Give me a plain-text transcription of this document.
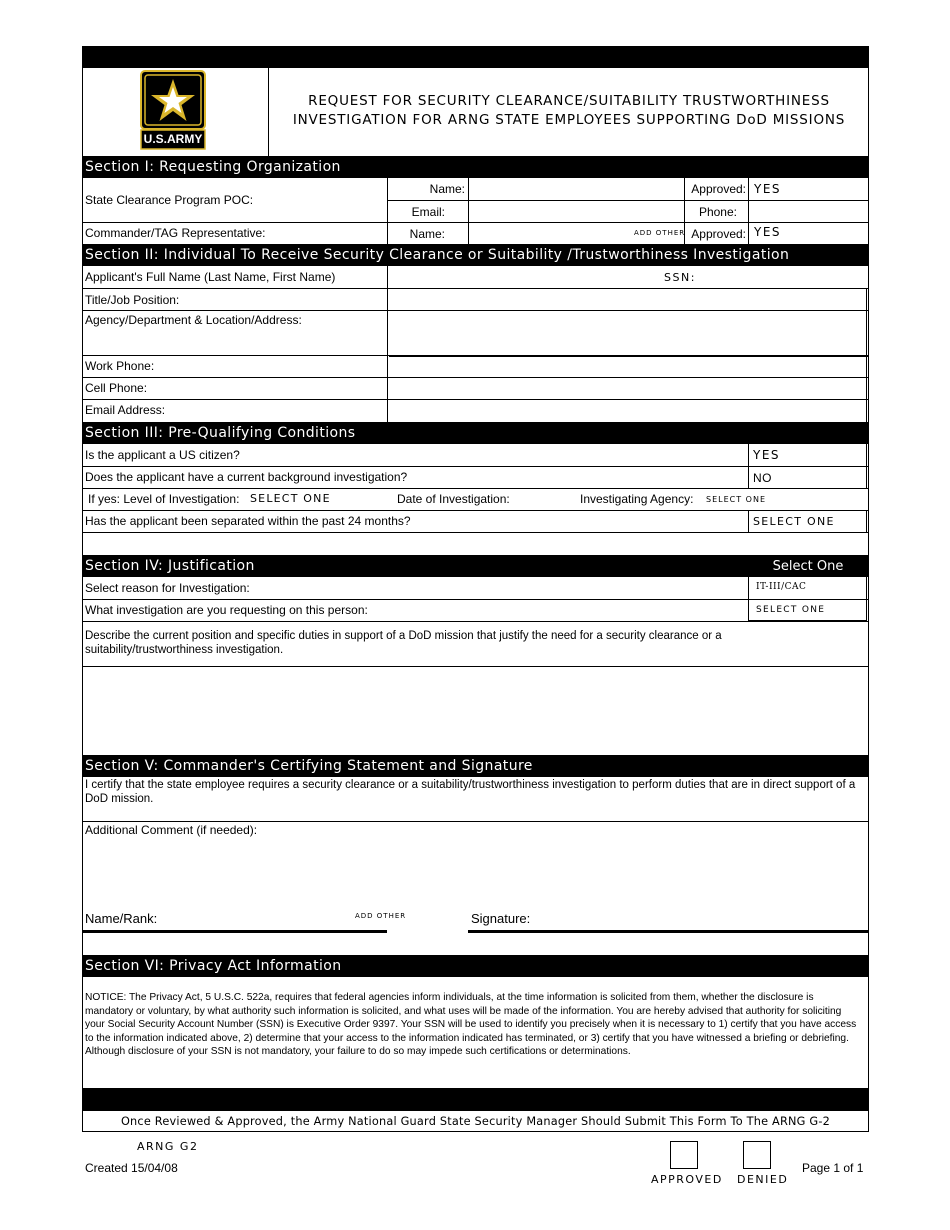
U.S.ARMY
REQUEST FOR SECURITY CLEARANCE/SUITABILITY TRUSTWORTHINESS
INVESTIGATION FOR ARNG STATE EMPLOYEES SUPPORTING DoD MISSIONS
Section I: Requesting Organization
State Clearance Program POC:
Name:	Approved: YES
Email:	Phone:
Commander/TAG Representative:	Name:	ADD OTHER Approved: YES
Section II: Individual To Receive Security Clearance or Suitability /Trustworthiness Investigation
Applicant's Full Name (Last Name, First Name)	SSN:
Title/Job Position:
Agency/Department & Location/Address:
Work Phone:
Cell Phone:
Email Address:
Section III: Pre-Qualifying Conditions
Is the applicant a US citizen?	YES
Does the applicant have a current background investigation?	NO
If yes: Level of Investigation: SELECT ONE	Date of Investigation:	Investigating Agency: SELECT ONE
Has the applicant been separated within the past 24 months?	SELECT ONE
Section IV: Justification	Select One
Select reason for Investigation:	IT-III/CAC
What investigation are you requesting on this person:	SELECT ONE
Describe the current position and specific duties in support of a DoD mission that justify the need for a security clearance or a suitability/trustworthiness investigation.
Section V: Commander's Certifying Statement and Signature
I certify that the state employee requires a security clearance or a suitability/trustworthiness investigation to perform duties that are in direct support of a DoD mission.
Additional Comment (if needed):
Name/Rank:	ADD OTHER	Signature:
Section VI: Privacy Act Information
NOTICE: The Privacy Act, 5 U.S.C. 522a, requires that federal agencies inform individuals, at the time information is solicited from them, whether the disclosure is mandatory or voluntary, by what authority such information is solicited, and what uses will be made of the information. You are hereby advised that authority for soliciting your Social Security Account Number (SSN) is Executive Order 9397. Your SSN will be used to identify you precisely when it is necessary to 1) certify that you have access to the information indicated above, 2) determine that your access to the information indicated has terminated, or 3) certify that you have witnessed a briefing or debriefing. Although disclosure of your SSN is not mandatory, your failure to do so may impede such certifications or determinations.
Once Reviewed & Approved, the Army National Guard State Security Manager Should Submit This Form To The ARNG G-2
ARNG G2
Created 15/04/08
APPROVED DENIED
Page 1 of 1
